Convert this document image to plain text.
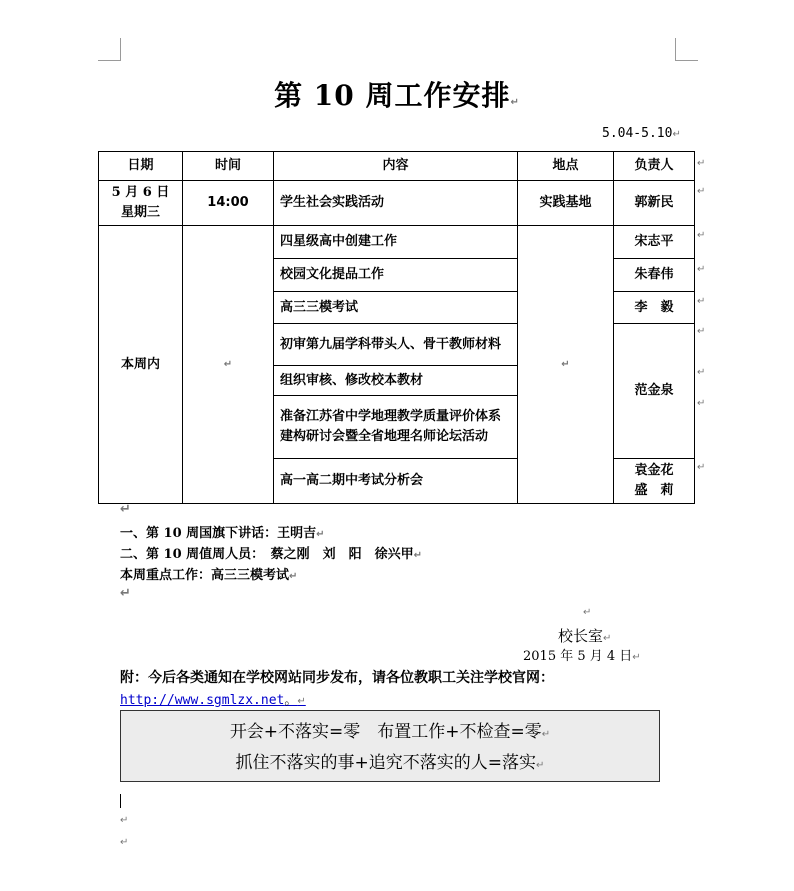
第 10 周工作安排↵
5.04-5.10↵
日期	时间	内容	地点	负责人

5 月 6 日
星期三	14:00	学生社会实践活动	实践基地	郭新民
本周内	↵	四星级高中创建工作	↵	宋志平
		校园文化提品工作		朱春伟
		高三三模考试		李　毅
		初审第九届学科带头人、骨干教师材料		范金泉
		组织审核、修改校本教材		
		准备江苏省中学地理教学质量评价体系建构研讨会暨全省地理名师论坛活动		
		高一高二期中考试分析会		袁金花
盛　莉
↵
↵
↵
↵
↵
↵
↵
↵
↵
↵
一、第 10 周国旗下讲话：王明吉↵
二、第 10 周值周人员：　蔡之刚　刘　阳　徐兴甲↵
本周重点工作：高三三模考试↵
↵
↵
校长室↵
2015 年 5 月 4 日↵
附：今后各类通知在学校网站同步发布，请各位教职工关注学校官网：
http://www.sgmlzx.net。↵
开会+不落实=零　布置工作+不检查=零↵
抓住不落实的事+追究不落实的人=落实↵
↵
↵
